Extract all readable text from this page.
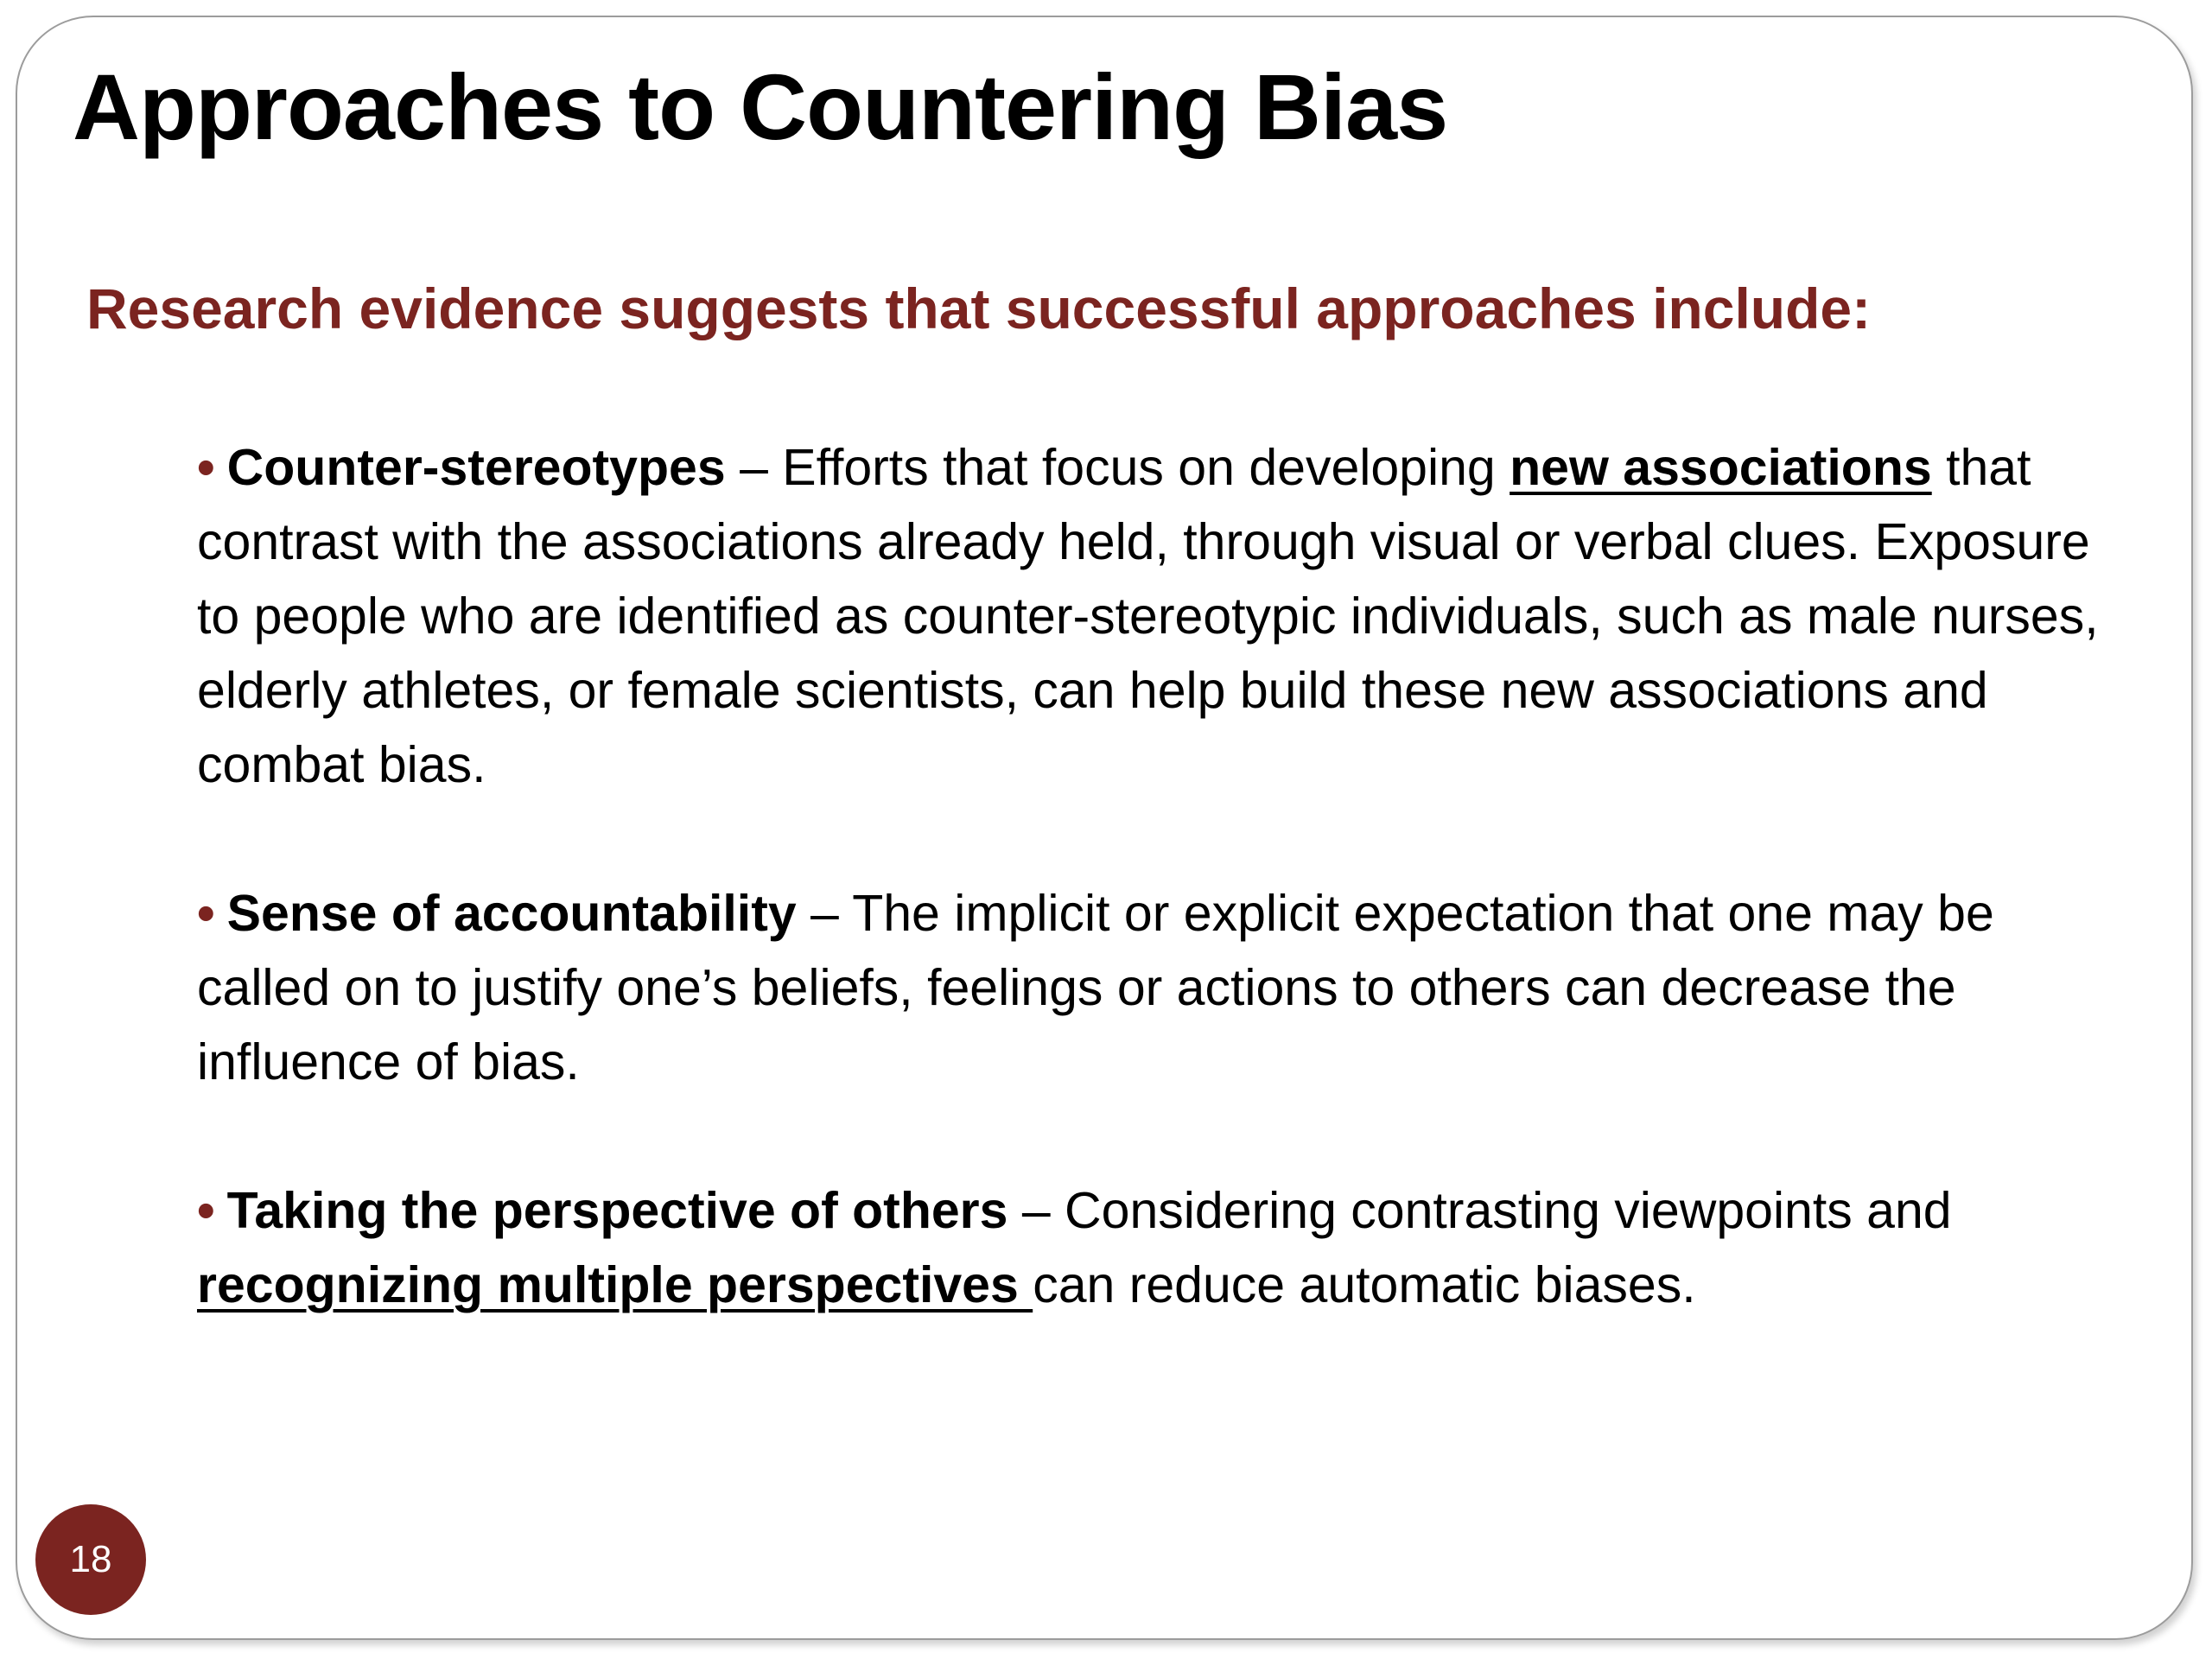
Approaches to Countering Bias
Research evidence suggests that successful approaches include:
• Counter-stereotypes – Efforts that focus on developing new associations that contrast with the associations already held, through visual or verbal clues. Exposure to people who are identified as counter-stereotypic individuals, such as male nurses, elderly athletes, or female scientists, can help build these new associations and combat bias.
• Sense of accountability – The implicit or explicit expectation that one may be called on to justify one’s beliefs, feelings or actions to others can decrease the influence of bias.
• Taking the perspective of others – Considering contrasting viewpoints and recognizing multiple perspectives can reduce automatic biases.
18
